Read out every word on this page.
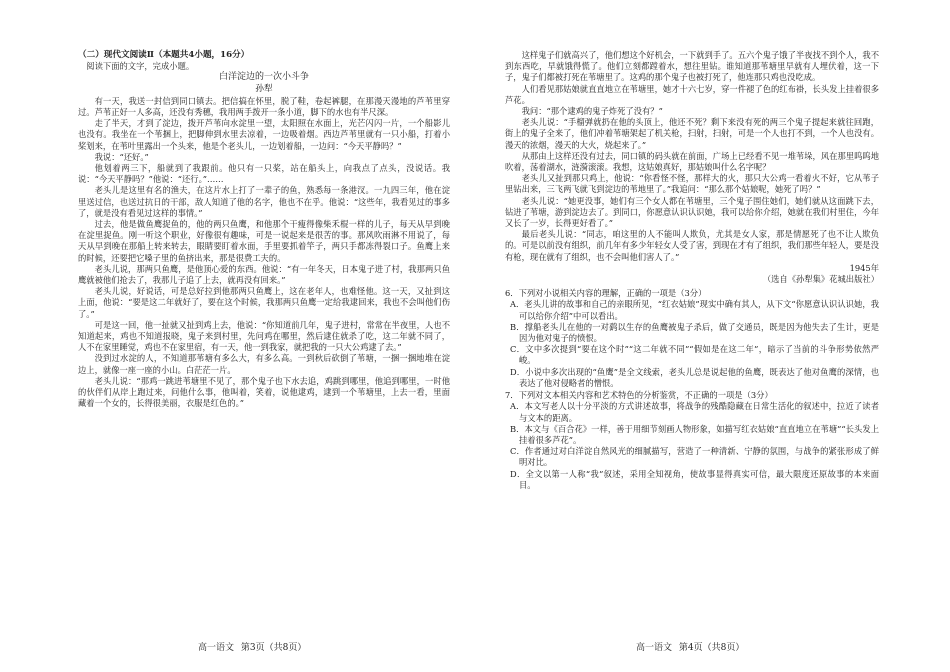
（二）现代文阅读Ⅱ（本题共4小题，16分）

阅读下面的文字，完成小题。

白洋淀边的一次小斗争

孙犁

有一天，我送一封信到同口镇去。把信搞在怀里，脱了鞋，卷起裤腿，在那漫天漫地的芦苇里穿过。芦苇正好一人多高，还没有秀穗，我用两手拨开一条小道，脚下的水也有半尺深。

走了半天，才到了淀边，拨开芦苇向水淀里一望，太阳照在水面上，光芒闪闪一片，一个船影儿也没有。我坐在一个苇捆上，把脚伸到水里去凉着，一边吸着烟。西边芦苇里就有一只小船，打着小桨划来，在苇叶里露出一个头来，他是个老头儿，一边划着船，一边问：“今天平静吗？”

我说：“还好。”

他划着两三下，船就到了我跟前。他只有一只桨，站在船头上，向我点了点头，没说话。我说：“今天平静吗？”他说：“还行。”……

老头儿是这里有名的渔夫，在这片水上打了一辈子的鱼，熟悉每一条港汊。一九四三年，他在淀里送过信，也送过抗日的干部，敌人知道了他的名字，他也不在乎。他说：“这些年，我看见过的事多了，就是没有看见过这样的事情。”

过去，他是做鱼鹰捉鱼的，他的两只鱼鹰，和他那个干瘦得像柴禾棍一样的儿子，每天从早到晚在淀里捉鱼。刚一听这个职业，好像很有趣味，可是一说起来是很苦的事。那风吹雨淋不用说了，每天从早到晚在那船上转来转去，眼睛要盯着水面，手里要抓着竿子，两只手都冻得裂口子。鱼鹰上来的时候，还要把它嗓子里的鱼挤出来，那是很费工夫的。

老头儿说，那两只鱼鹰，是他顶心爱的东西。他说：“有一年冬天，日本鬼子进了村，我那两只鱼鹰就被他们抢去了，我那儿子追了上去，就再没有回来。”

老头儿说，好说话，可是总好拉到他那两只鱼鹰上，这在老年人，也难怪他。这一天，又扯到这上面，他说：“要是这二年就好了，要在这个时候，我那两只鱼鹰一定给我逮回来，我也不会叫他们伤了。”

可是这一回，他一扯就又扯到鸡上去，他说：“你知道前几年，鬼子进村，常常在半夜里，人也不知道起来，鸡也不知道报晓，鬼子来到村里，先问鸡在哪里，然后逮住就杀了吃，这二年就不同了，人不在家里睡觉，鸡也不在家里宿，有一天，他一到我家，就把我的一只大公鸡逮了去。”

没到过水淀的人，不知道那苇塘有多么大，有多么高。一到秋后砍倒了苇塘，一捆一捆地堆在淀边上，就像一座一座的小山。白茫茫一片。

老头儿说：“那鸡一跳进苇塘里不见了，那个鬼子也下水去追，鸡跳到哪里，他追到哪里，一时他的伙伴们从岸上跑过来，问他什么事，他叫着，笑着，说他逮鸡，逮到一个苇塘里，上去一看，里面藏着一个女的，长得很美丽，衣服是红色的。”

这样鬼子们就高兴了，他们想这个好机会，一下就到手了。五六个鬼子饿了半夜找不到个人，我不到东西吃，早就饿得慌了。他们立刻都蹚着水，想往里钻。谁知道那苇塘里早就有人埋伏着，这一下子，鬼子们都被打死在苇塘里了。这鸡的那个鬼子也被打死了，他连那只鸡也没吃成。

人们看见那姑娘就直直地立在苇塘里，她才十六七岁，穿一件褪了色的红布褂，长头发上挂着很多芦花。

我问：“那个逮鸡的鬼子炸死了没有？”

老头儿说：“手榴弹就扔在他的头顶上，他还不死？剩下来没有死的两三个鬼子提起来就往回跑，街上的鬼子全来了，他们冲着苇塘架起了机关枪，扫射，扫射，可是一个人也打不到，一个人也没有。漫天的浓烟，漫天的大火，烧起来了。”

从那由上这样还没有过去，同口镇的码头就在前面，广场上已经看不见一堆苇垛，风在那里呜呜地吹着，荡着湖水，涟漪滚滚。我想，这姑娘真好，那姑娘叫什么名字呢？

老头儿又扯到那只鸡上，他说：“你看怪不怪，那样大的火，那只大公鸡一看着火不好，它从苇子里钻出来，三飞两飞就飞到淀边的苇地里了。”我追问：“那么那个姑娘呢，她死了吗？”

老头儿说：“她更没事，她们有三个女人都在苇塘里，三个鬼子围住她们，她们就从这面跳下去，钻进了苇塘，游到淀边去了。到同口，你愿意认识认识她，我可以给你介绍，她就在我们村里住，今年又长了一岁，长得更好看了。”

最后老头儿说：“同志，咱这里的人不能叫人欺负，尤其是女人家，那是情愿死了也不让人欺负的。可是以前没有组织，前几年有多少年轻女人受了害，到现在才有了组织，我们那些年轻人，要是没有枪，现在就有了组织，也不会叫他们害人了。”

1945年

（选自《孙犁集》花城出版社）

6．下列对小说相关内容的理解，正确的一项是（3分）

A．老头儿讲的故事和自己的亲眼所见，“红衣姑娘”现实中确有其人，从下文“你愿意认识认识她，我可以给你介绍”中可以看出。

B．撑船老头儿在他的一对鹞以生存的鱼鹰被鬼子杀后，做了交通员，既是因为他失去了生计，更是因为他对鬼子的愤恨。

C．文中多次提到“要在这个时”“这二年就不同”“假如是在这二年”，暗示了当前的斗争形势依然严峻。

D．小说中多次出现的“鱼鹰”是全文线索，老头儿总是说起他的鱼鹰，既表达了他对鱼鹰的深情，也表达了他对侵略者的憎恨。

7．下列对文本相关内容和艺术特色的分析鉴赏，不正确的一项是（3分）

A．本文写老人以十分平淡的方式讲述故事，将战争的残酷隐藏在日常生活化的叙述中，拉近了读者与文本的距离。

B．本文与《百合花》一样，善于用细节刻画人物形象，如描写红衣姑娘“直直地立在苇塘”“长头发上挂着很多芦花”。

C．作者通过对白洋淀自然风光的细腻描写，营造了一种清新、宁静的氛围，与战争的紧张形成了鲜明对比。

D．全文以第一人称“我”叙述，采用全知视角，使故事显得真实可信，最大限度还原故事的本来面目。

高一语文 第3页（共8页）	高一语文 第4页（共8页）
